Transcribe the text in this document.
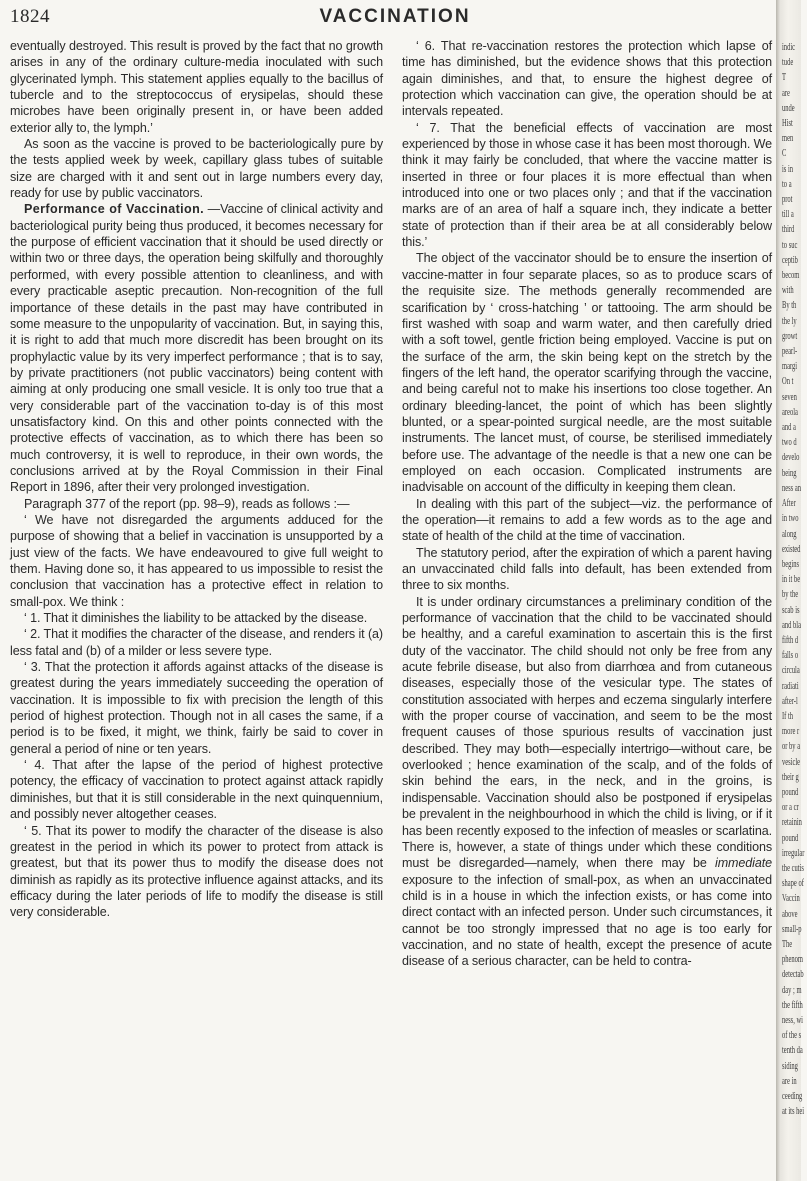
1824	VACCINATION

eventually destroyed. This result is proved by the fact that no growth arises in any of the ordinary culture-media inoculated with such glycerinated lymph. This statement applies equally to the bacillus of tubercle and to the streptococcus of erysipelas, should these microbes have been originally present in, or have been added exterior ally to, the lymph.’

As soon as the vaccine is proved to be bacteriologically pure by the tests applied week by week, capillary glass tubes of suitable size are charged with it and sent out in large numbers every day, ready for use by public vaccinators.

Performance of Vaccination. —Vaccine of clinical activity and bacteriological purity being thus produced, it becomes necessary for the purpose of efficient vaccination that it should be used directly or within two or three days, the operation being skilfully and thoroughly performed, with every possible attention to cleanliness, and with every practicable aseptic precaution. Non-recognition of the full importance of these details in the past may have contributed in some measure to the unpopularity of vaccination. But, in saying this, it is right to add that much more discredit has been brought on its prophylactic value by its very imperfect performance ; that is to say, by private practitioners (not public vaccinators) being content with aiming at only producing one small vesicle. It is only too true that a very considerable part of the vaccination to-day is of this most unsatisfactory kind. On this and other points connected with the protective effects of vaccination, as to which there has been so much controversy, it is well to reproduce, in their own words, the conclusions arrived at by the Royal Commission in their Final Report in 1896, after their very prolonged investigation.

Paragraph 377 of the report (pp. 98–9), reads as follows :—

‘ We have not disregarded the arguments adduced for the purpose of showing that a belief in vaccination is unsupported by a just view of the facts. We have endeavoured to give full weight to them. Having done so, it has appeared to us impossible to resist the conclusion that vaccination has a protective effect in relation to small-pox. We think :

‘ 1. That it diminishes the liability to be attacked by the disease.

‘ 2. That it modifies the character of the disease, and renders it (a) less fatal and (b) of a milder or less severe type.

‘ 3. That the protection it affords against attacks of the disease is greatest during the years immediately succeeding the operation of vaccination. It is impossible to fix with precision the length of this period of highest protection. Though not in all cases the same, if a period is to be fixed, it might, we think, fairly be said to cover in general a period of nine or ten years.

‘ 4. That after the lapse of the period of highest protective potency, the efficacy of vaccination to protect against attack rapidly diminishes, but that it is still considerable in the next quinquennium, and possibly never altogether ceases.

‘ 5. That its power to modify the character of the disease is also greatest in the period in which its power to protect from attack is greatest, but that its power thus to modify the disease does not diminish as rapidly as its protective influence against attacks, and its efficacy during the later periods of life to modify the disease is still very considerable.

‘ 6. That re-vaccination restores the protection which lapse of time has diminished, but the evidence shows that this protection again diminishes, and that, to ensure the highest degree of protection which vaccination can give, the operation should be at intervals repeated.

‘ 7. That the beneficial effects of vaccination are most experienced by those in whose case it has been most thorough. We think it may fairly be concluded, that where the vaccine matter is inserted in three or four places it is more effectual than when introduced into one or two places only ; and that if the vaccination marks are of an area of half a square inch, they indicate a better state of protection than if their area be at all considerably below this.’

The object of the vaccinator should be to ensure the insertion of vaccine-matter in four separate places, so as to produce scars of the requisite size. The methods generally recommended are scarification by ‘ cross-hatching ’ or tattooing. The arm should be first washed with soap and warm water, and then carefully dried with a soft towel, gentle friction being employed. Vaccine is put on the surface of the arm, the skin being kept on the stretch by the fingers of the left hand, the operator scarifying through the vaccine, and being careful not to make his insertions too close together. An ordinary bleeding-lancet, the point of which has been slightly blunted, or a spear-pointed surgical needle, are the most suitable instruments. The lancet must, of course, be sterilised immediately before use. The advantage of the needle is that a new one can be employed on each occasion. Complicated instruments are inadvisable on account of the difficulty in keeping them clean.

In dealing with this part of the subject—viz. the performance of the operation—it remains to add a few words as to the age and state of health of the child at the time of vaccination.

The statutory period, after the expiration of which a parent having an unvaccinated child falls into default, has been extended from three to six months.

It is under ordinary circumstances a preliminary condition of the performance of vaccination that the child to be vaccinated should be healthy, and a careful examination to ascertain this is the first duty of the vaccinator. The child should not only be free from any acute febrile disease, but also from diarrhœa and from cutaneous diseases, especially those of the vesicular type. The states of constitution associated with herpes and eczema singularly interfere with the proper course of vaccination, and seem to be the most frequent causes of those spurious results of vaccination just described. They may both—especially intertrigo—without care, be overlooked ; hence examination of the scalp, and of the folds of skin behind the ears, in the neck, and in the groins, is indispensable. Vaccination should also be postponed if erysipelas be prevalent in the neighbourhood in which the child is living, or if it has been recently exposed to the infection of measles or scarlatina. There is, however, a state of things under which these conditions must be disregarded—namely, when there may be immediate exposure to the infection of small-pox, as when an unvaccinated child is in a house in which the infection exists, or has come into direct contact with an infected person. Under such circumstances, it cannot be too strongly impressed that no age is too early for vaccination, and no state of health, except the presence of acute disease of a serious character, can be held to contra-

indic
tude
T
are
unde
Hist
men
C
is in
to a
prot
till a
third
to suc
ceptib
becom
with
By th
the ly
growt
pearl-
margi
On t
seven
areola
and a
two d
develo
being
ness an
After
in two
along
existed
begins
in it be
by the
scab is
and bla
fifth d
falls o
circula
radiati
after-l
If th
more r
or by a
vesicle
their g
pound
or a cr
retainin
pound
irregular
the cutis
shape of
Vaccin
above
small-p
The
phenom
detectab
day ; m
the fifth
ness, wi
of the s
tenth da
siding
are in
ceeding
at its hei
